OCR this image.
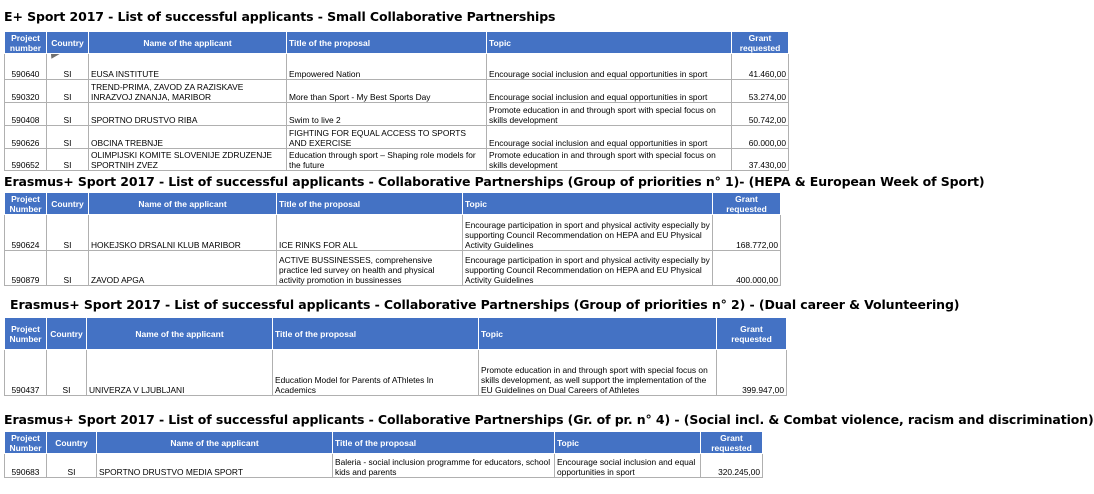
E+ Sport 2017 - List of successful applicants - Small Collaborative Partnerships
Project number	Country	Name of the applicant	Title of the proposal	Topic	Grant requested
590640	SI	EUSA INSTITUTE	Empowered Nation	Encourage social inclusion and equal opportunities in sport	41.460,00
590320	SI	TREND-PRIMA, ZAVOD ZA RAZISKAVE INRAZVOJ ZNANJA, MARIBOR	More than Sport - My Best Sports Day	Encourage social inclusion and equal opportunities in sport	53.274,00
590408	SI	SPORTNO DRUSTVO RIBA	Swim to live 2	Promote education in and through sport with special focus on skills development	50.742,00
590626	SI	OBCINA TREBNJE	FIGHTING FOR EQUAL ACCESS TO SPORTS AND EXERCISE	Encourage social inclusion and equal opportunities in sport	60.000,00
590652	SI	OLIMPIJSKI KOMITE SLOVENIJE ZDRUZENJE SPORTNIH ZVEZ	Education through sport – Shaping role models for the future	Promote education in and through sport with special focus on skills development	37.430,00
Erasmus+ Sport 2017 - List of successful applicants - Collaborative Partnerships (Group of priorities n° 1)- (HEPA & European Week of Sport)
Project Number	Country	Name of the applicant	Title of the proposal	Topic	Grant requested
590624	SI	HOKEJSKO DRSALNI KLUB MARIBOR	ICE RINKS FOR ALL	Encourage participation in sport and physical activity especially by supporting Council Recommendation on HEPA and EU Physical Activity Guidelines	168.772,00
590879	SI	ZAVOD APGA	ACTIVE BUSSINESSES, comprehensive practice led survey on health and physical activity promotion in bussinesses	Encourage participation in sport and physical activity especially by supporting Council Recommendation on HEPA and EU Physical Activity Guidelines	400.000,00
Erasmus+ Sport 2017 - List of successful applicants - Collaborative Partnerships (Group of priorities n° 2) - (Dual career & Volunteering)
Project Number	Country	Name of the applicant	Title of the proposal	Topic	Grant requested
590437	SI	UNIVERZA V LJUBLJANI	Education Model for Parents of AThletes In Academics	Promote education in and through sport with special focus on skills development, as well support the implementation of the EU Guidelines on Dual Careers of Athletes	399.947,00
Erasmus+ Sport 2017 - List of successful applicants - Collaborative Partnerships (Gr. of pr. n° 4) - (Social incl. & Combat violence, racism and discrimination)
Project Number	Country	Name of the applicant	Title of the proposal	Topic	Grant requested
590683	SI	SPORTNO DRUSTVO MEDIA SPORT	Baleria - social inclusion programme for educators, school kids and parents	Encourage social inclusion and equal opportunities in sport	320.245,00
